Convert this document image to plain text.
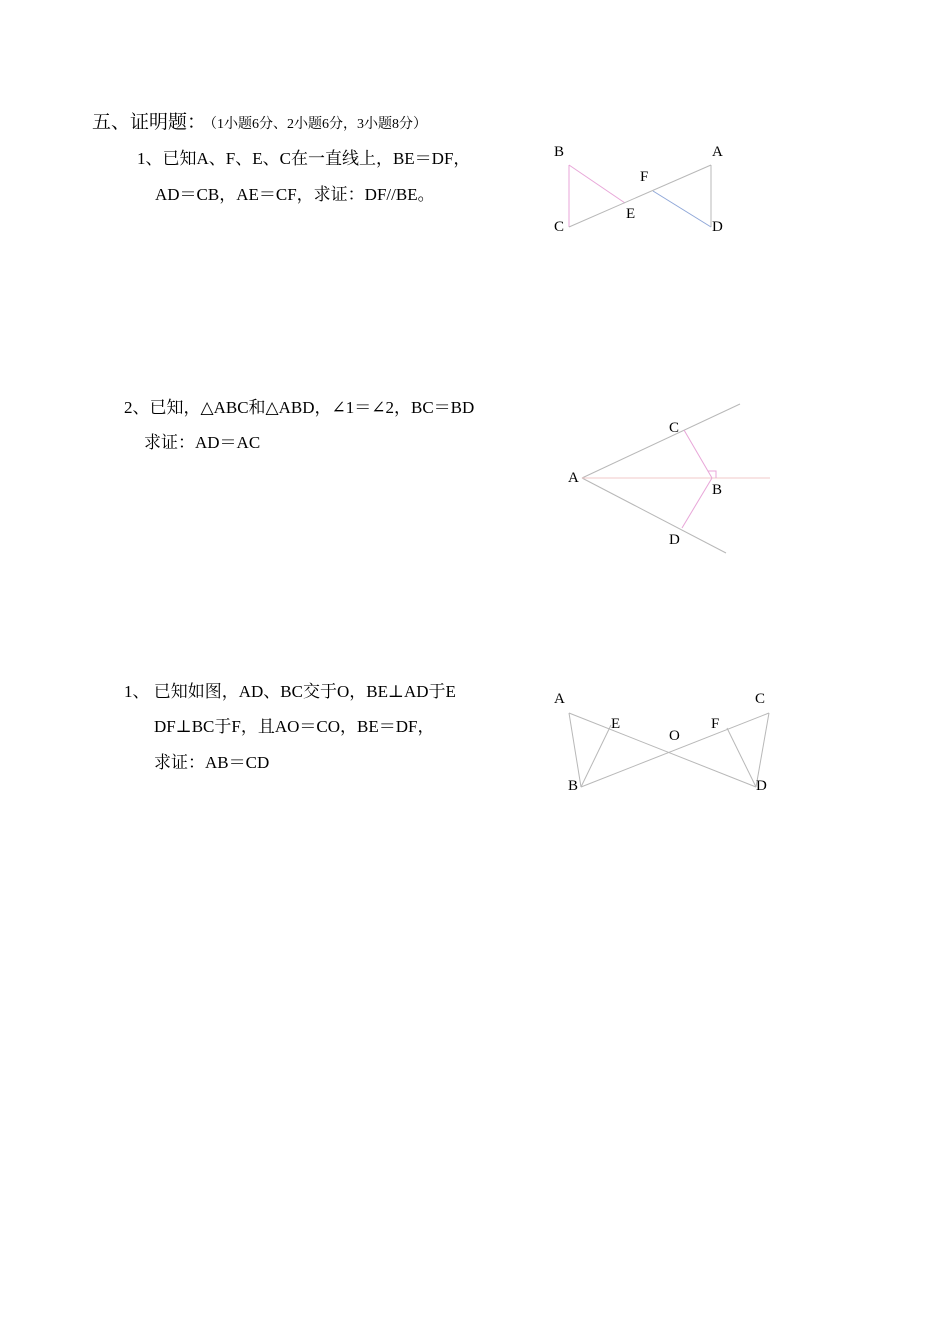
五、证明题： （1小题6分、2小题6分，3小题8分）
1、已知A、F、E、C在一直线上，BE＝DF，
AD＝CB，AE＝CF，求证：DF//BE。
B	A
F
E
C	D
2、已知，△ABC和△ABD，∠1＝∠2，BC＝BD
求证：AD＝AC
C
A
B
D
1、 已知如图，AD、BC交于O，BE⊥AD于E
DF⊥BC于F，且AO＝CO，BE＝DF，
求证：AB＝CD
A	C
E	F
O
B	D
